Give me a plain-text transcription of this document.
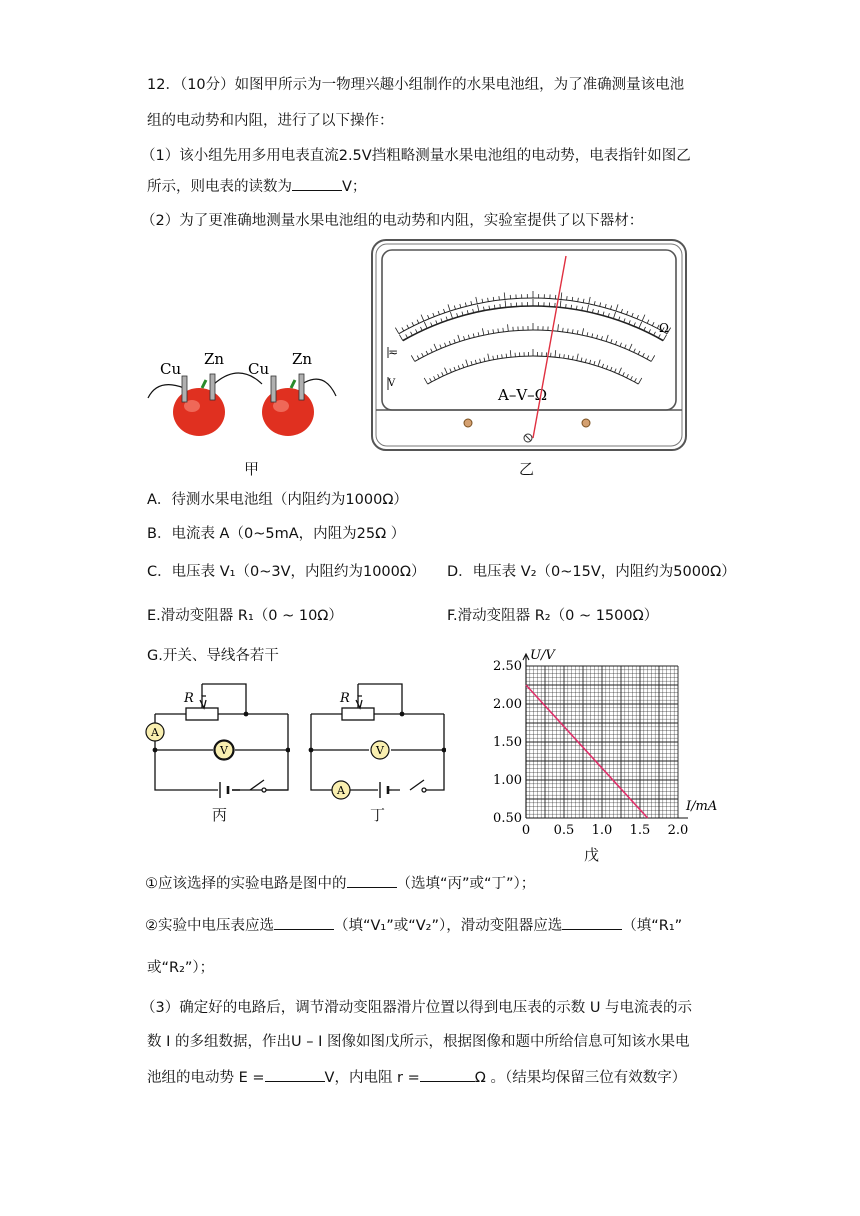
12．（10分）如图甲所示为一物理兴趣小组制作的水果电池组，为了准确测量该电池
组的电动势和内阻，进行了以下操作：
（1）该小组先用多用电表直流2.5V挡粗略测量水果电池组的电动势，电表指针如图乙
所示，则电表的读数为	V；
（2）为了更准确地测量水果电池组的电动势和内阻，实验室提供了以下器材：
Cu
Zn
Cu
Zn
甲
A–V–Ω
Ω
≂
V
乙
A．待测水果电池组（内阻约为1000Ω）
B．电流表 A（0~5mA，内阻为25Ω ）
C．电压表 V₁（0~3V，内阻约为1000Ω） D．电压表 V₂（0~15V，内阻约为5000Ω）
E.滑动变阻器 R₁（0 ~ 10Ω）	F.滑动变阻器 R₂（0 ~ 1500Ω）
G.开关、导线各若干
A
V
R
丙
A
V
R
丁
0 0.5 1.0 1.5 2.0
0.50
1.00
1.50
2.00
2.50
U/V
I/mA
戊
①应该选择的实验电路是图中的	（选填“丙”或“丁”）；
②实验中电压表应选	（填“V₁”或“V₂”），滑动变阻器应选	（填“R₁”
或“R₂”）；
（3）确定好的电路后，调节滑动变阻器滑片位置以得到电压表的示数 U 与电流表的示
数 I 的多组数据，作出U – I 图像如图戊所示，根据图像和题中所给信息可知该水果电
池组的电动势 E =	V，内电阻 r =	Ω 。（结果均保留三位有效数字）
